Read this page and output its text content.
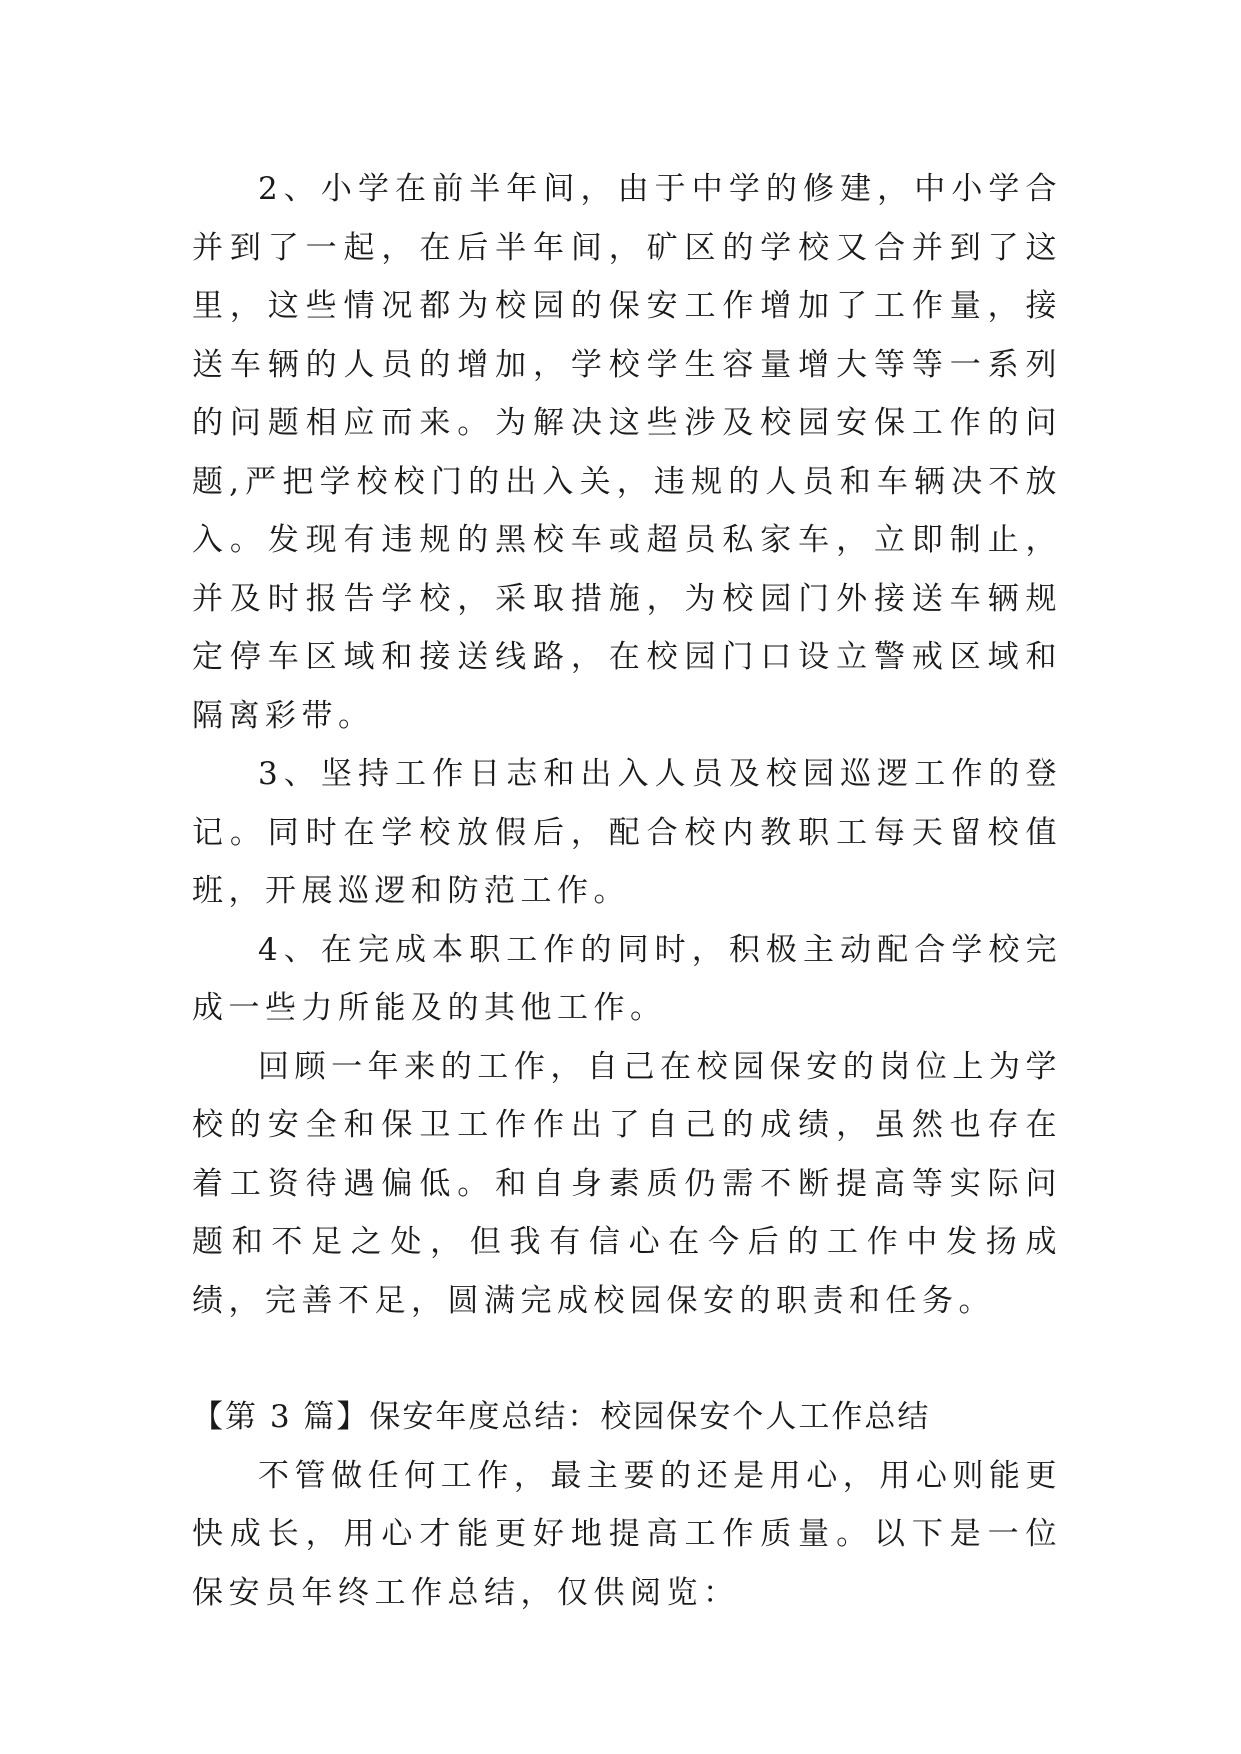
2、小学在前半年间，由于中学的修建，中小学合并到了一起，在后半年间，矿区的学校又合并到了这里，这些情况都为校园的保安工作增加了工作量，接送车辆的人员的增加，学校学生容量增大等等一系列的问题相应而来。为解决这些涉及校园安保工作的问题,严把学校校门的出入关，违规的人员和车辆决不放入。发现有违规的黑校车或超员私家车，立即制止，并及时报告学校，采取措施，为校园门外接送车辆规定停车区域和接送线路，在校园门口设立警戒区域和隔离彩带。

3、坚持工作日志和出入人员及校园巡逻工作的登记。同时在学校放假后，配合校内教职工每天留校值班，开展巡逻和防范工作。

4、在完成本职工作的同时，积极主动配合学校完成一些力所能及的其他工作。

回顾一年来的工作，自己在校园保安的岗位上为学校的安全和保卫工作作出了自己的成绩，虽然也存在着工资待遇偏低。和自身素质仍需不断提高等实际问题和不足之处，但我有信心在今后的工作中发扬成绩，完善不足，圆满完成校园保安的职责和任务。

【第 3 篇】保安年度总结：校园保安个人工作总结

不管做任何工作，最主要的还是用心，用心则能更快成长，用心才能更好地提高工作质量。以下是一位保安员年终工作总结，仅供阅览：
